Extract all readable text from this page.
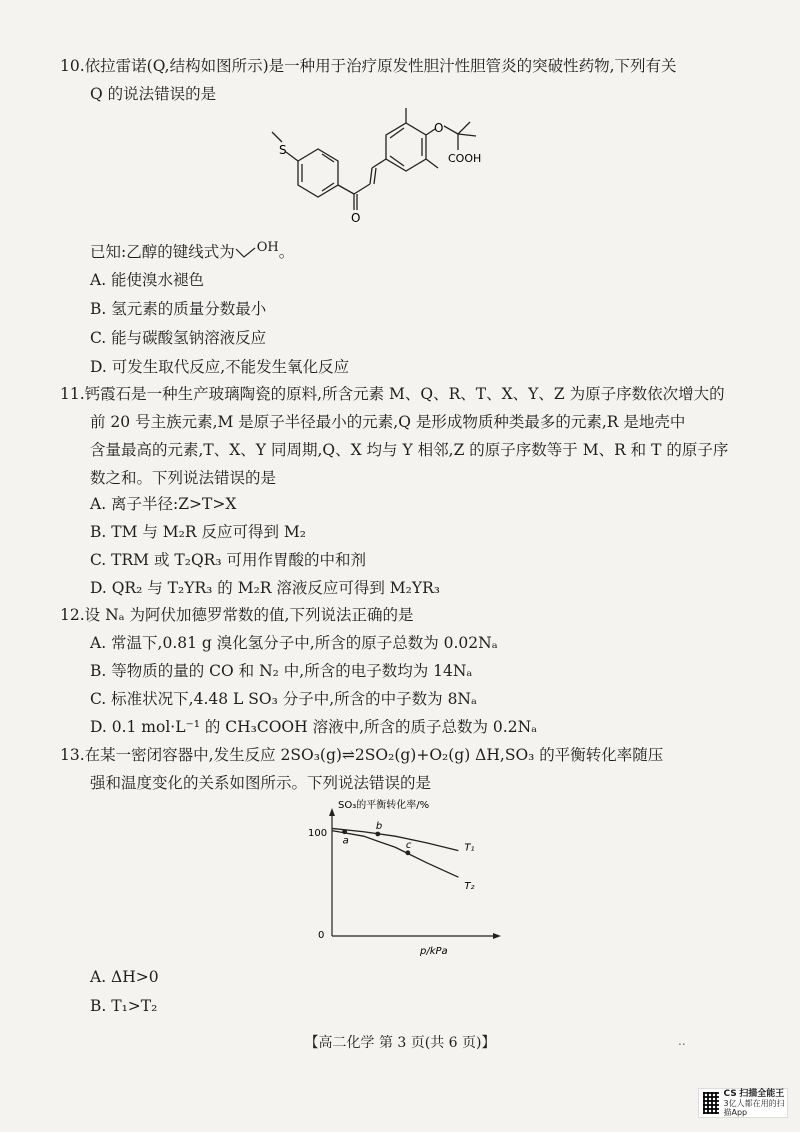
10.依拉雷诺(Q,结构如图所示)是一种用于治疗原发性胆汁性胆管炎的突破性药物,下列有关
Q 的说法错误的是
O
O
S
COOH
已知:乙醇的键线式为 $^{OH}$。
A. 能使溴水褪色
B. 氢元素的质量分数最小
C. 能与碳酸氢钠溶液反应
D. 可发生取代反应,不能发生氧化反应
11.钙霞石是一种生产玻璃陶瓷的原料,所含元素 M、Q、R、T、X、Y、Z 为原子序数依次增大的
前 20 号主族元素,M 是原子半径最小的元素,Q 是形成物质种类最多的元素,R 是地壳中
含量最高的元素,T、X、Y 同周期,Q、X 均与 Y 相邻,Z 的原子序数等于 M、R 和 T 的原子序
数之和。下列说法错误的是
A. 离子半径:Z>T>X
B. TM 与 M₂R 反应可得到 M₂
C. TRM 或 T₂QR₃ 可用作胃酸的中和剂
D. QR₂ 与 T₂YR₃ 的 M₂R 溶液反应可得到 M₂YR₃
12.设 Nₐ 为阿伏加德罗常数的值,下列说法正确的是
A. 常温下,0.81 g 溴化氢分子中,所含的原子总数为 0.02Nₐ
B. 等物质的量的 CO 和 N₂ 中,所含的电子数均为 14Nₐ
C. 标准状况下,4.48 L SO₃ 分子中,所含的中子数为 8Nₐ
D. 0.1 mol·L⁻¹ 的 CH₃COOH 溶液中,所含的质子总数为 0.2Nₐ
13.在某一密闭容器中,发生反应 2SO₃(g)⇌2SO₂(g)+O₂(g) ΔH,SO₃ 的平衡转化率随压
强和温度变化的关系如图所示。下列说法错误的是
SO₃的平衡转化率/%
p/kPa
100
0
T₁
T₂
a
b
c
A. ΔH>0
B. T₁>T₂
【高二化学 第 3 页(共 6 页)】	..
CS 扫描全能王
3亿人都在用的扫描App
